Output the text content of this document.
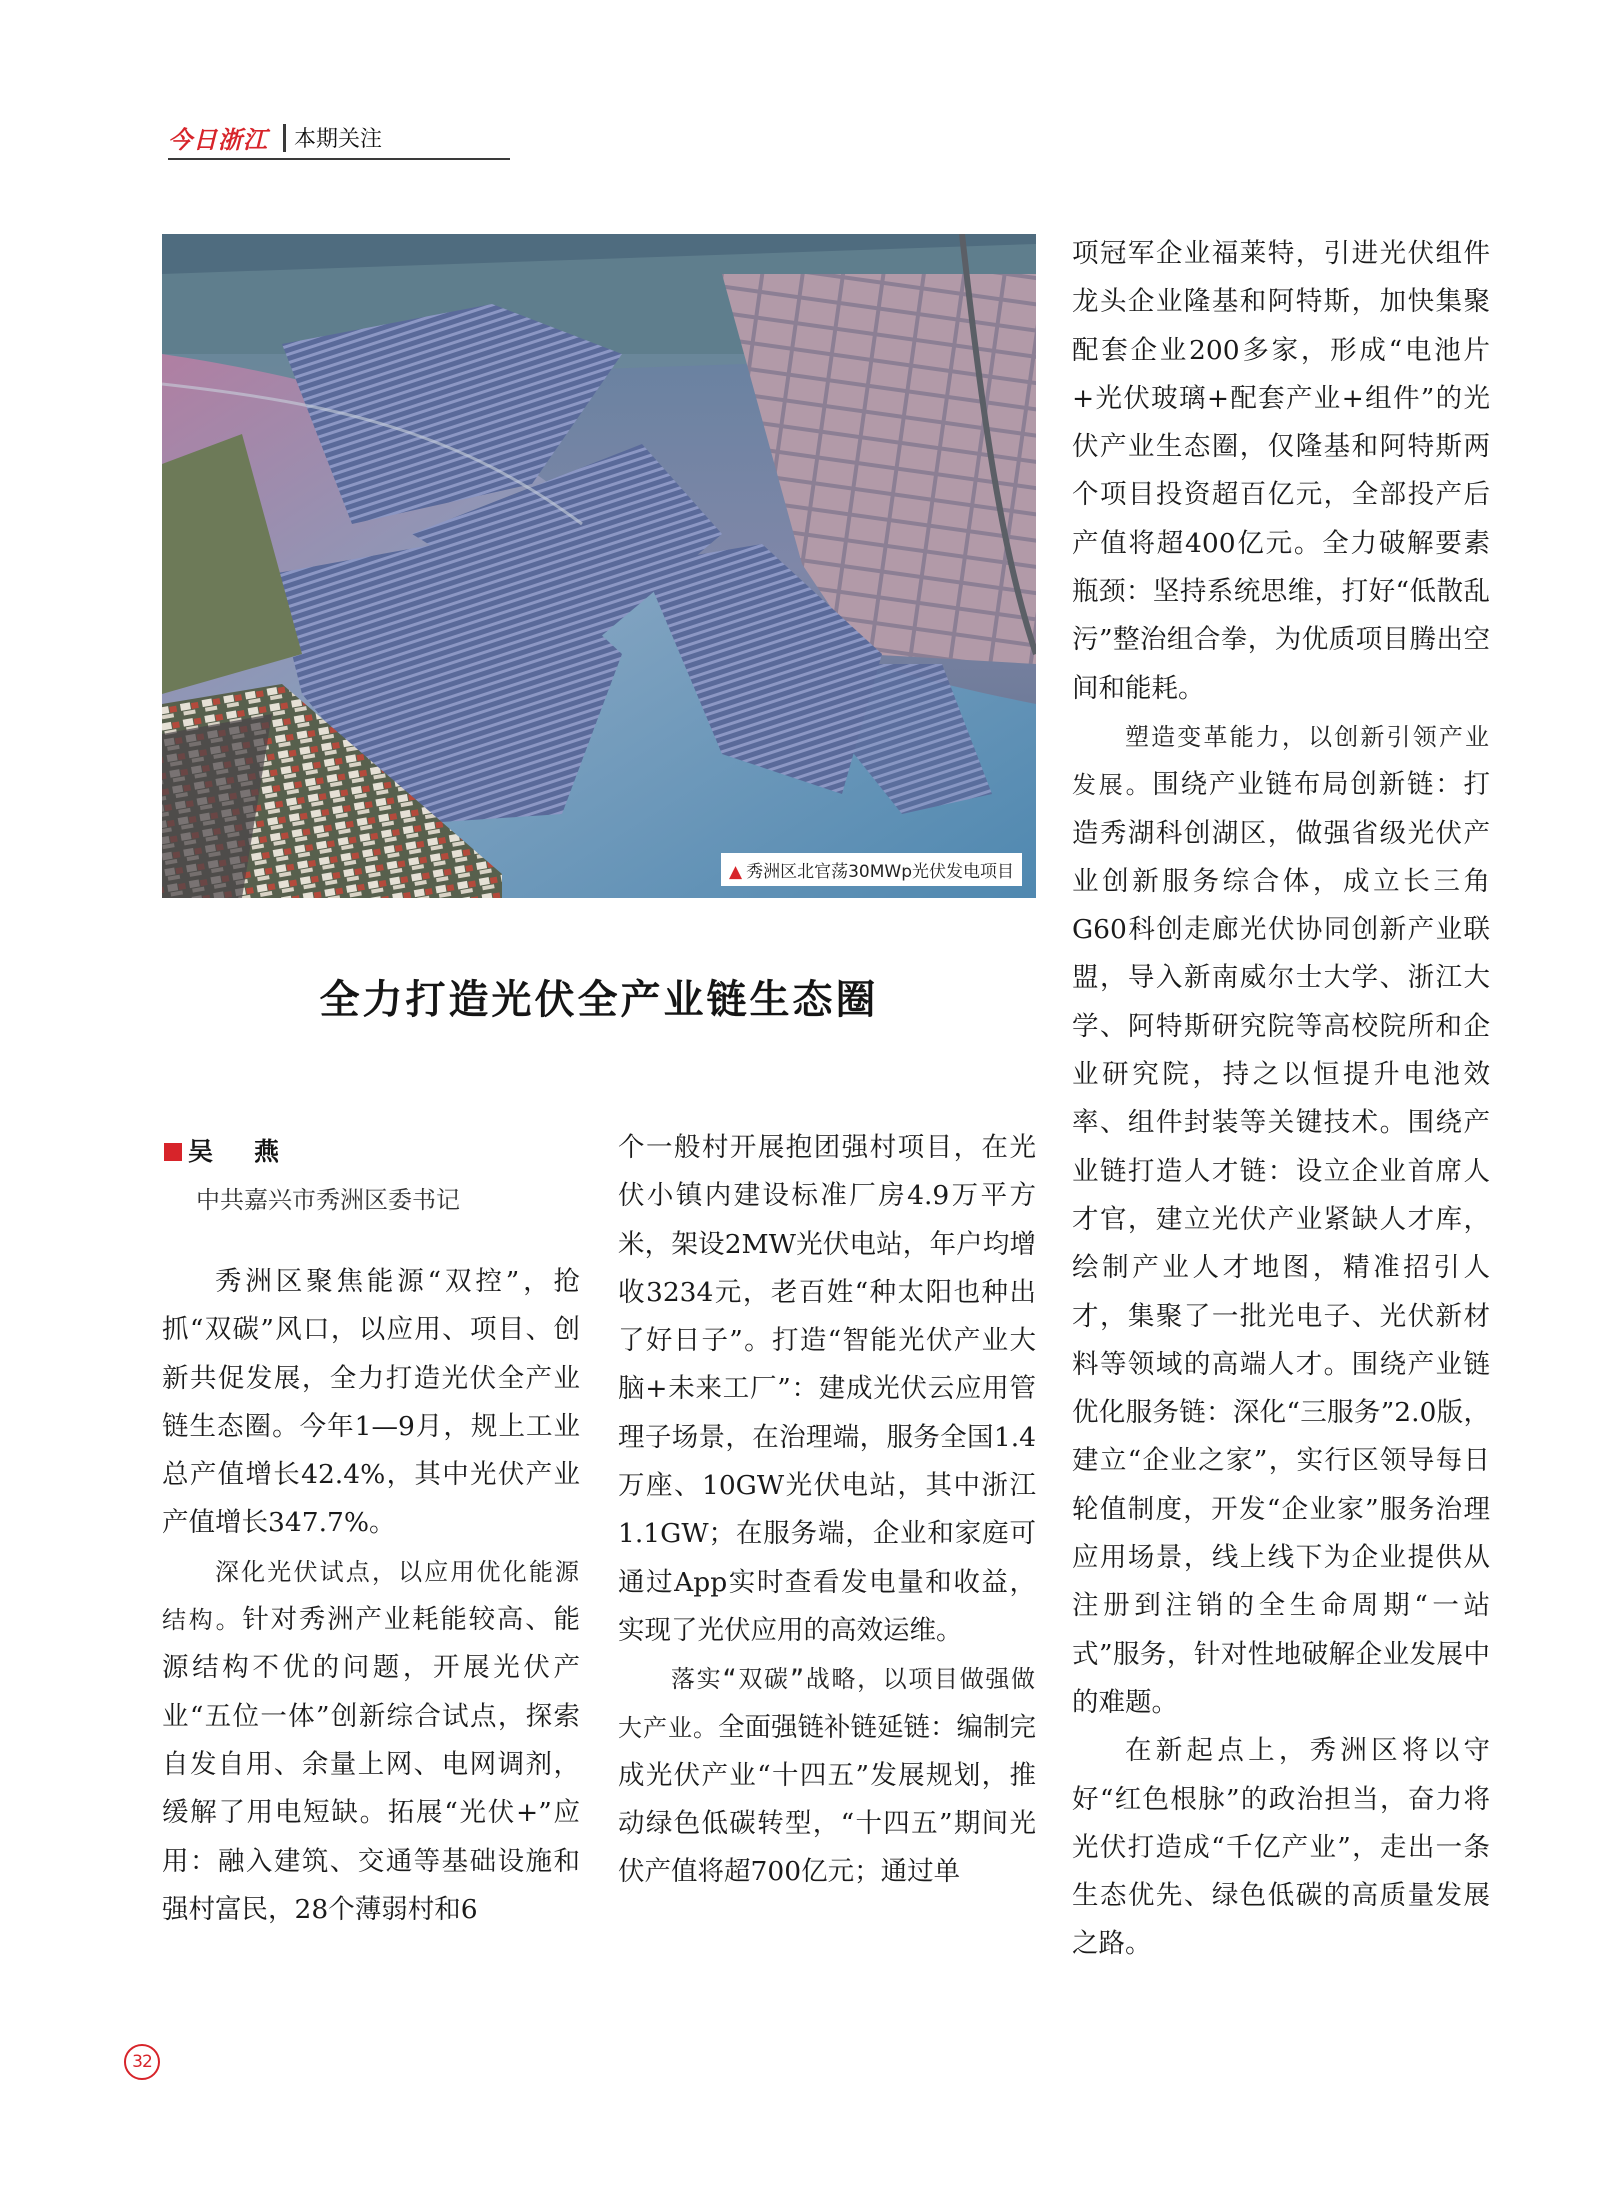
今日浙江 本期关注
▲ 秀洲区北官荡30MWp光伏发电项目
全力打造光伏全产业链生态圈
吴　燕
中共嘉兴市秀洲区委书记

秀洲区聚焦能源“双控”，抢抓“双碳”风口，以应用、项目、创新共促发展，全力打造光伏全产业链生态圈。今年1—9月，规上工业总产值增长42.4%，其中光伏产业产值增长347.7%。

深化光伏试点，以应用优化能源结构。针对秀洲产业耗能较高、能源结构不优的问题，开展光伏产业“五位一体”创新综合试点，探索自发自用、余量上网、电网调剂，缓解了用电短缺。拓展“光伏+”应用：融入建筑、交通等基础设施和强村富民，28个薄弱村和6

个一般村开展抱团强村项目，在光伏小镇内建设标准厂房4.9万平方米，架设2MW光伏电站，年户均增收3234元，老百姓“种太阳也种出了好日子”。打造“智能光伏产业大脑+未来工厂”：建成光伏云应用管理子场景，在治理端，服务全国1.4万座、10GW光伏电站，其中浙江1.1GW；在服务端，企业和家庭可通过App实时查看发电量和收益，实现了光伏应用的高效运维。

落实“双碳”战略，以项目做强做大产业。全面强链补链延链：编制完成光伏产业“十四五”发展规划，推动绿色低碳转型，“十四五”期间光伏产值将超700亿元；通过单

项冠军企业福莱特，引进光伏组件龙头企业隆基和阿特斯，加快集聚配套企业200多家，形成“电池片+光伏玻璃+配套产业+组件”的光伏产业生态圈，仅隆基和阿特斯两个项目投资超百亿元，全部投产后产值将超400亿元。全力破解要素瓶颈：坚持系统思维，打好“低散乱污”整治组合拳，为优质项目腾出空间和能耗。

塑造变革能力，以创新引领产业发展。围绕产业链布局创新链：打造秀湖科创湖区，做强省级光伏产业创新服务综合体，成立长三角G60科创走廊光伏协同创新产业联盟，导入新南威尔士大学、浙江大学、阿特斯研究院等高校院所和企业研究院，持之以恒提升电池效率、组件封装等关键技术。围绕产业链打造人才链：设立企业首席人才官，建立光伏产业紧缺人才库，绘制产业人才地图，精准招引人才，集聚了一批光电子、光伏新材料等领域的高端人才。围绕产业链优化服务链：深化“三服务”2.0版，建立“企业之家”，实行区领导每日轮值制度，开发“企业家”服务治理应用场景，线上线下为企业提供从注册到注销的全生命周期“一站式”服务，针对性地破解企业发展中的难题。

在新起点上，秀洲区将以守好“红色根脉”的政治担当，奋力将光伏打造成“千亿产业”，走出一条生态优先、绿色低碳的高质量发展之路。

32
